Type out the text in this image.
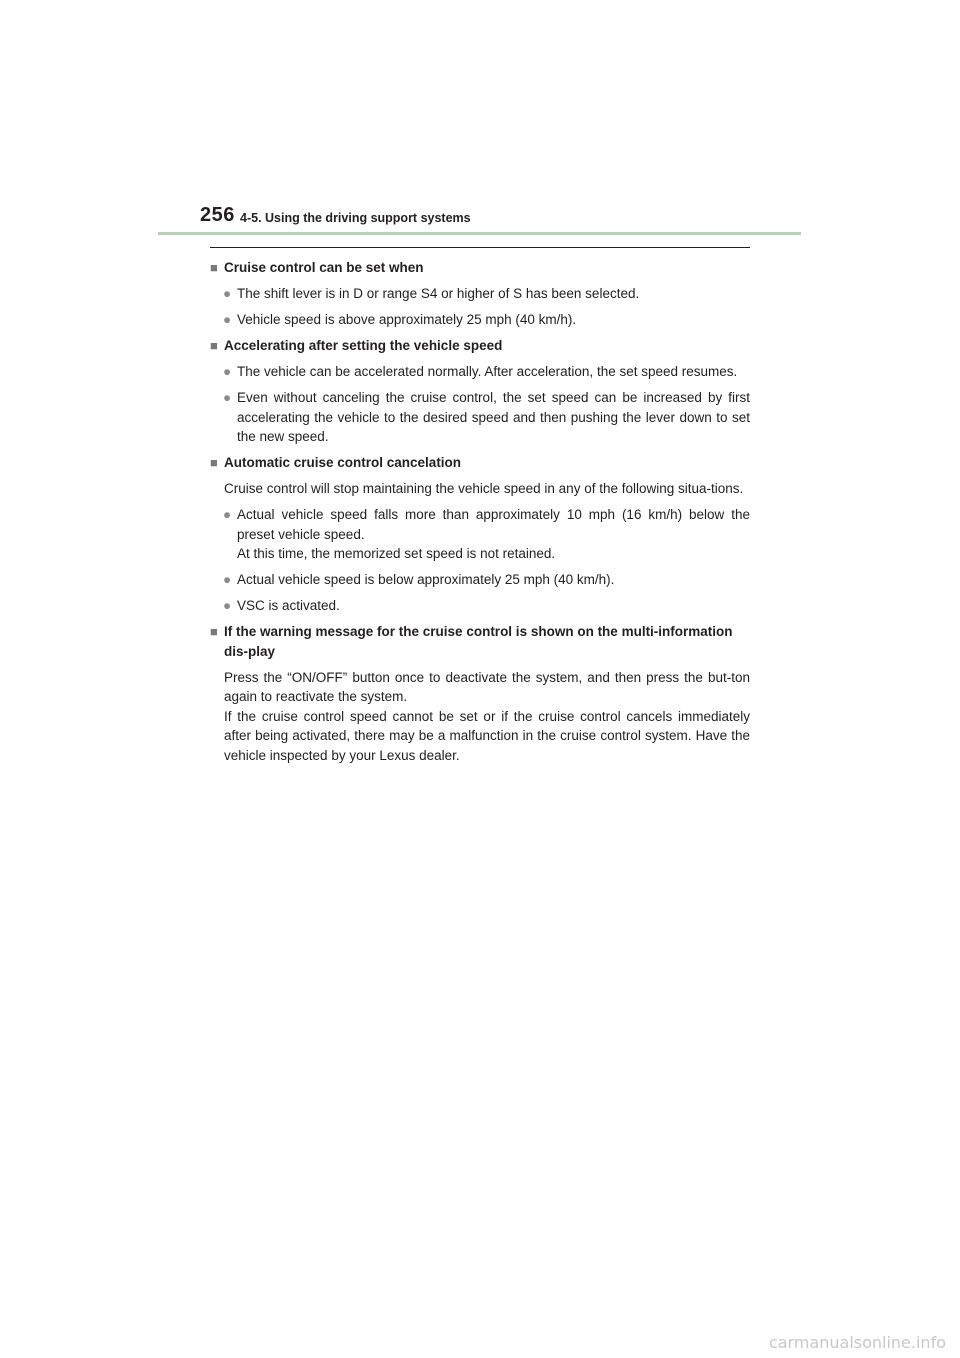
256 4-5. Using the driving support systems
■ Cruise control can be set when
● The shift lever is in D or range S4 or higher of S has been selected.
● Vehicle speed is above approximately 25 mph (40 km/h).
■ Accelerating after setting the vehicle speed
● The vehicle can be accelerated normally. After acceleration, the set speed resumes.
● Even without canceling the cruise control, the set speed can be increased by first accelerating the vehicle to the desired speed and then pushing the lever down to set the new speed.
■ Automatic cruise control cancelation
Cruise control will stop maintaining the vehicle speed in any of the following situa-tions.
● Actual vehicle speed falls more than approximately 10 mph (16 km/h) below the preset vehicle speed.
At this time, the memorized set speed is not retained.
● Actual vehicle speed is below approximately 25 mph (40 km/h).
● VSC is activated.
■ If the warning message for the cruise control is shown on the multi-information dis-play
Press the “ON/OFF” button once to deactivate the system, and then press the but-ton again to reactivate the system.
If the cruise control speed cannot be set or if the cruise control cancels immediately after being activated, there may be a malfunction in the cruise control system. Have the vehicle inspected by your Lexus dealer.
carmanualsonline.info
